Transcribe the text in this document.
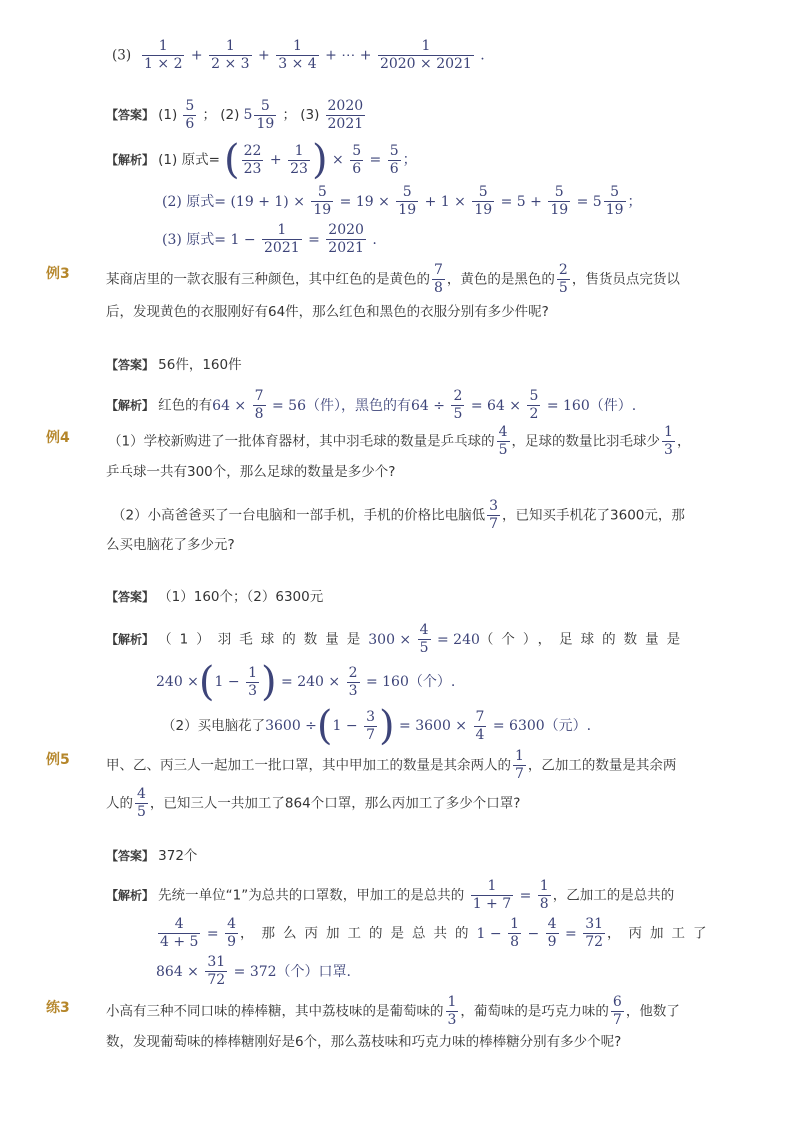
$(3) \frac{1}{1 \times 2} + \frac{1}{2 \times 3} + \frac{1}{3 \times 4}$ + ⋯ + $\frac{1}{2020 \times 2021}$ .
【答案】 $(1) \frac{5}{6}$ ； (2) $5 \frac{5}{19}$ ； $(3) \frac{2020}{2021}$
【解析】 (1) 原式= ( $\frac{22}{23} + \frac{1}{23}$ ) × $\frac{5}{6} = \frac{5}{6}$ ；
(2) 原式= $(19 + 1) \times \frac{5}{19} = 19 \times \frac{5}{19} + 1 \times \frac{5}{19} = 5 + \frac{5}{19} = 5 \frac{5}{19}$ ；
(3) 原式= $1 - \frac{1}{2021} = \frac{2020}{2021}$ .
例3	某商店里的一款衣服有三种颜色，其中红色的是黄色的 $\frac{7}{8}$ ，黄色的是黑色的 $\frac{2}{5}$ ，售货员点完货以
后，发现黄色的衣服刚好有64件，那么红色和黑色的衣服分别有多少件呢?
【答案】 56件，160件
【解析】 红色的有$64 \times \frac{7}{8} = 56$（件），黑色的有$64 \div \frac{2}{5} = 64 \times \frac{5}{2} = 160$（件）.
例4	（1）学校新购进了一批体育器材，其中羽毛球的数量是乒乓球的 $\frac{4}{5}$ ，足球的数量比羽毛球少 $\frac{1}{3}$ ，
乒乓球一共有300个，那么足球的数量是多少个?
（2）小高爸爸买了一台电脑和一部手机，手机的价格比电脑低 $\frac{3}{7}$ ，已知买手机花了3600元，那
么买电脑花了多少元?
【答案】 （1）160个；（2）6300元
【解析】 （1）羽毛球的数量是$300 \times \frac{4}{5} = 240$（个），足球的数量是
$240 \times(1 - \frac{1}{3}$ ) = $240 \times \frac{2}{3} = 160$（个）.
（2）买电脑花了$3600 \div(1 - \frac{3}{7}$ ) = $3600 \times \frac{7}{4} = 6300$（元）.
例5	甲、乙、丙三人一起加工一批口罩，其中甲加工的数量是其余两人的 $\frac{1}{7}$ ，乙加工的数量是其余两
人的 $\frac{4}{5}$ ，已知三人一共加工了864个口罩，那么丙加工了多少个口罩?
【答案】 372个
【解析】 先统一单位“1”为总共的口罩数，甲加工的是总共的 $\frac{1}{1 + 7} = \frac{1}{8}$ ，乙加工的是总共的
$\frac{4}{4 + 5} = \frac{4}{9}$ ，那么丙加工的是总共的$1 - \frac{1}{8} - \frac{4}{9} = \frac{31}{72}$ ，丙加工了
$864 \times \frac{31}{72} = 372$（个）口罩.
练3	小高有三种不同口味的棒棒糖，其中荔枝味的是葡萄味的 $\frac{1}{3}$ ，葡萄味的是巧克力味的 $\frac{6}{7}$ ，他数了
数，发现葡萄味的棒棒糖刚好是6个，那么荔枝味和巧克力味的棒棒糖分别有多少个呢?
